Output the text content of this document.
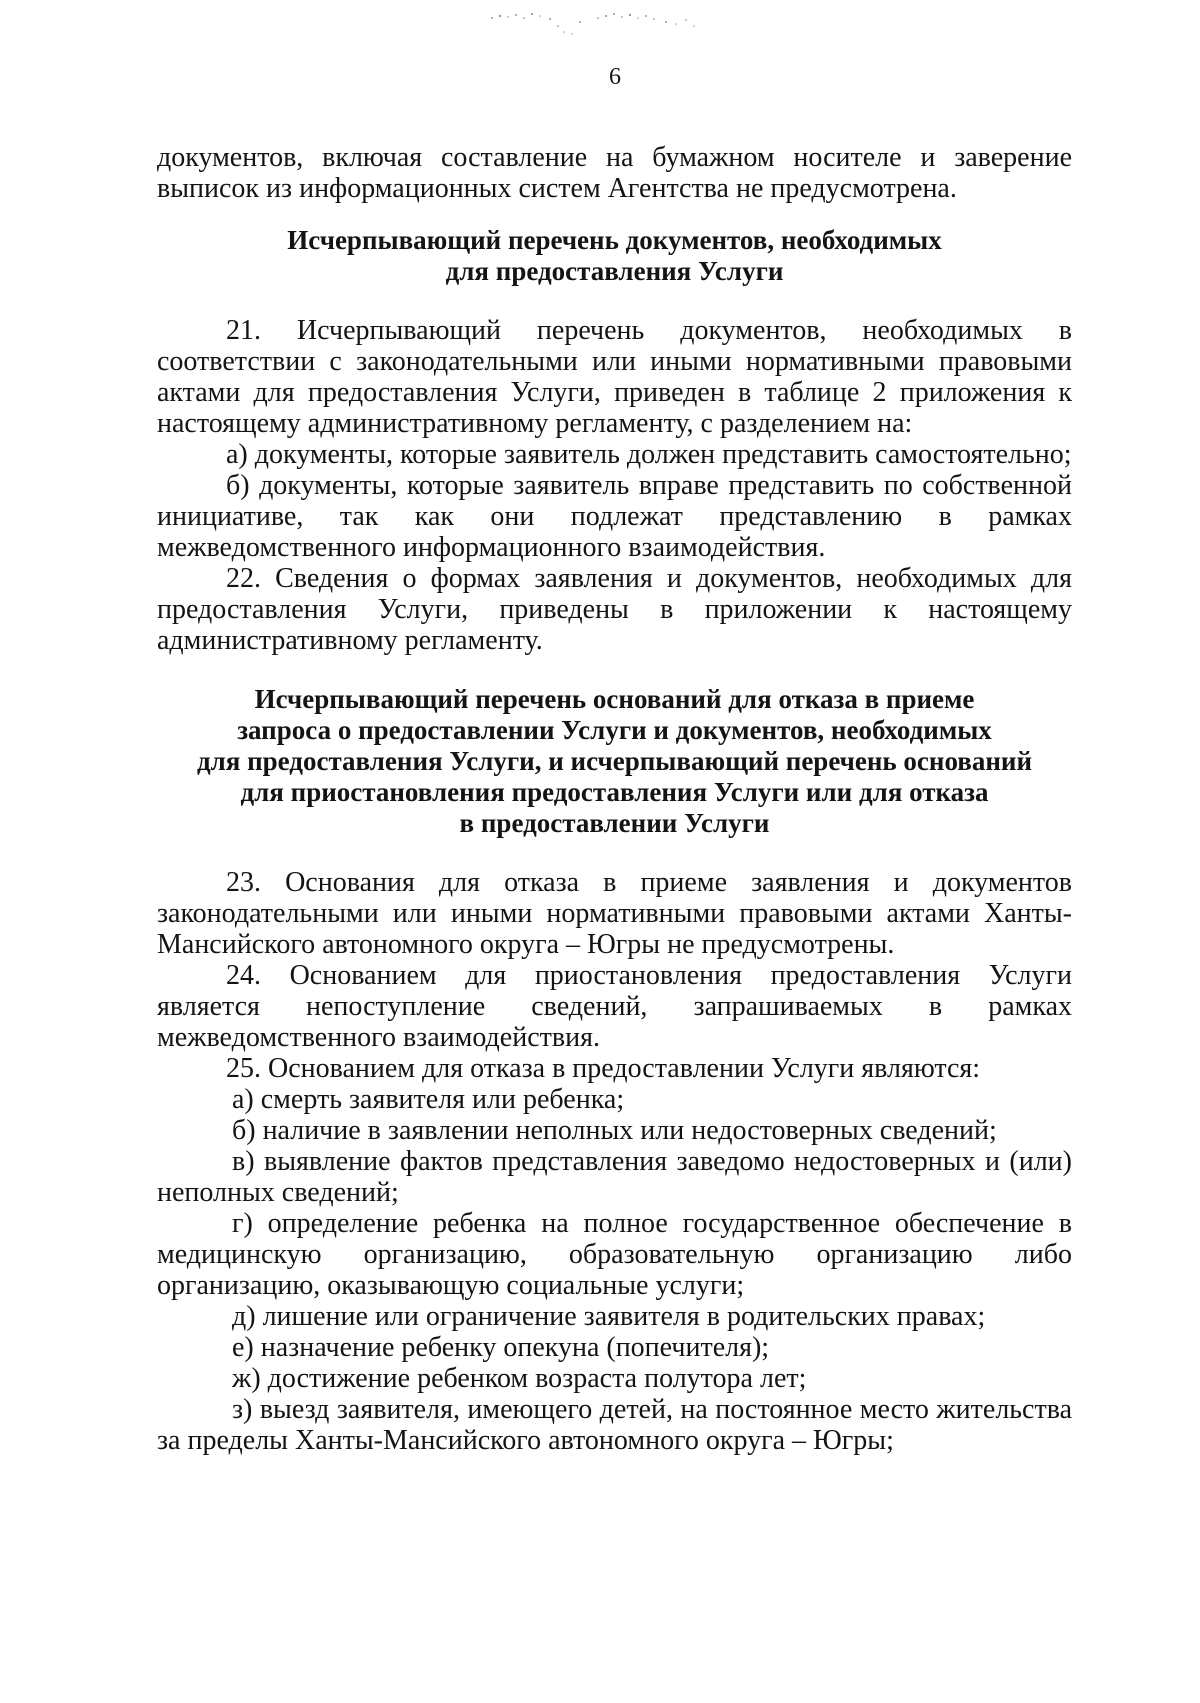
6

документов, включая составление на бумажном носителе и заверение выписок из информационных систем Агентства не предусмотрена.

Исчерпывающий перечень документов, необходимых
для предоставления Услуги

21. Исчерпывающий перечень документов, необходимых в соответствии с законодательными или иными нормативными правовыми актами для предоставления Услуги, приведен в таблице 2 приложения к настоящему административному регламенту, с разделением на:

а) документы, которые заявитель должен представить самостоятельно;

б) документы, которые заявитель вправе представить по собственной инициативе, так как они подлежат представлению в рамках межведомственного информационного взаимодействия.

22. Сведения о формах заявления и документов, необходимых для предоставления Услуги, приведены в приложении к настоящему административному регламенту.

Исчерпывающий перечень оснований для отказа в приеме
запроса о предоставлении Услуги и документов, необходимых
для предоставления Услуги, и исчерпывающий перечень оснований
для приостановления предоставления Услуги или для отказа
в предоставлении Услуги

23. Основания для отказа в приеме заявления и документов законодательными или иными нормативными правовыми актами Ханты-Мансийского автономного округа – Югры не предусмотрены.

24. Основанием для приостановления предоставления Услуги является непоступление сведений, запрашиваемых в рамках межведомственного взаимодействия.

25. Основанием для отказа в предоставлении Услуги являются:

а) смерть заявителя или ребенка;

б) наличие в заявлении неполных или недостоверных сведений;

в) выявление фактов представления заведомо недостоверных и (или) неполных сведений;

г) определение ребенка на полное государственное обеспечение в медицинскую организацию, образовательную организацию либо организацию, оказывающую социальные услуги;

д) лишение или ограничение заявителя в родительских правах;

е) назначение ребенку опекуна (попечителя);

ж) достижение ребенком возраста полутора лет;

з) выезд заявителя, имеющего детей, на постоянное место жительства за пределы Ханты-Мансийского автономного округа – Югры;
